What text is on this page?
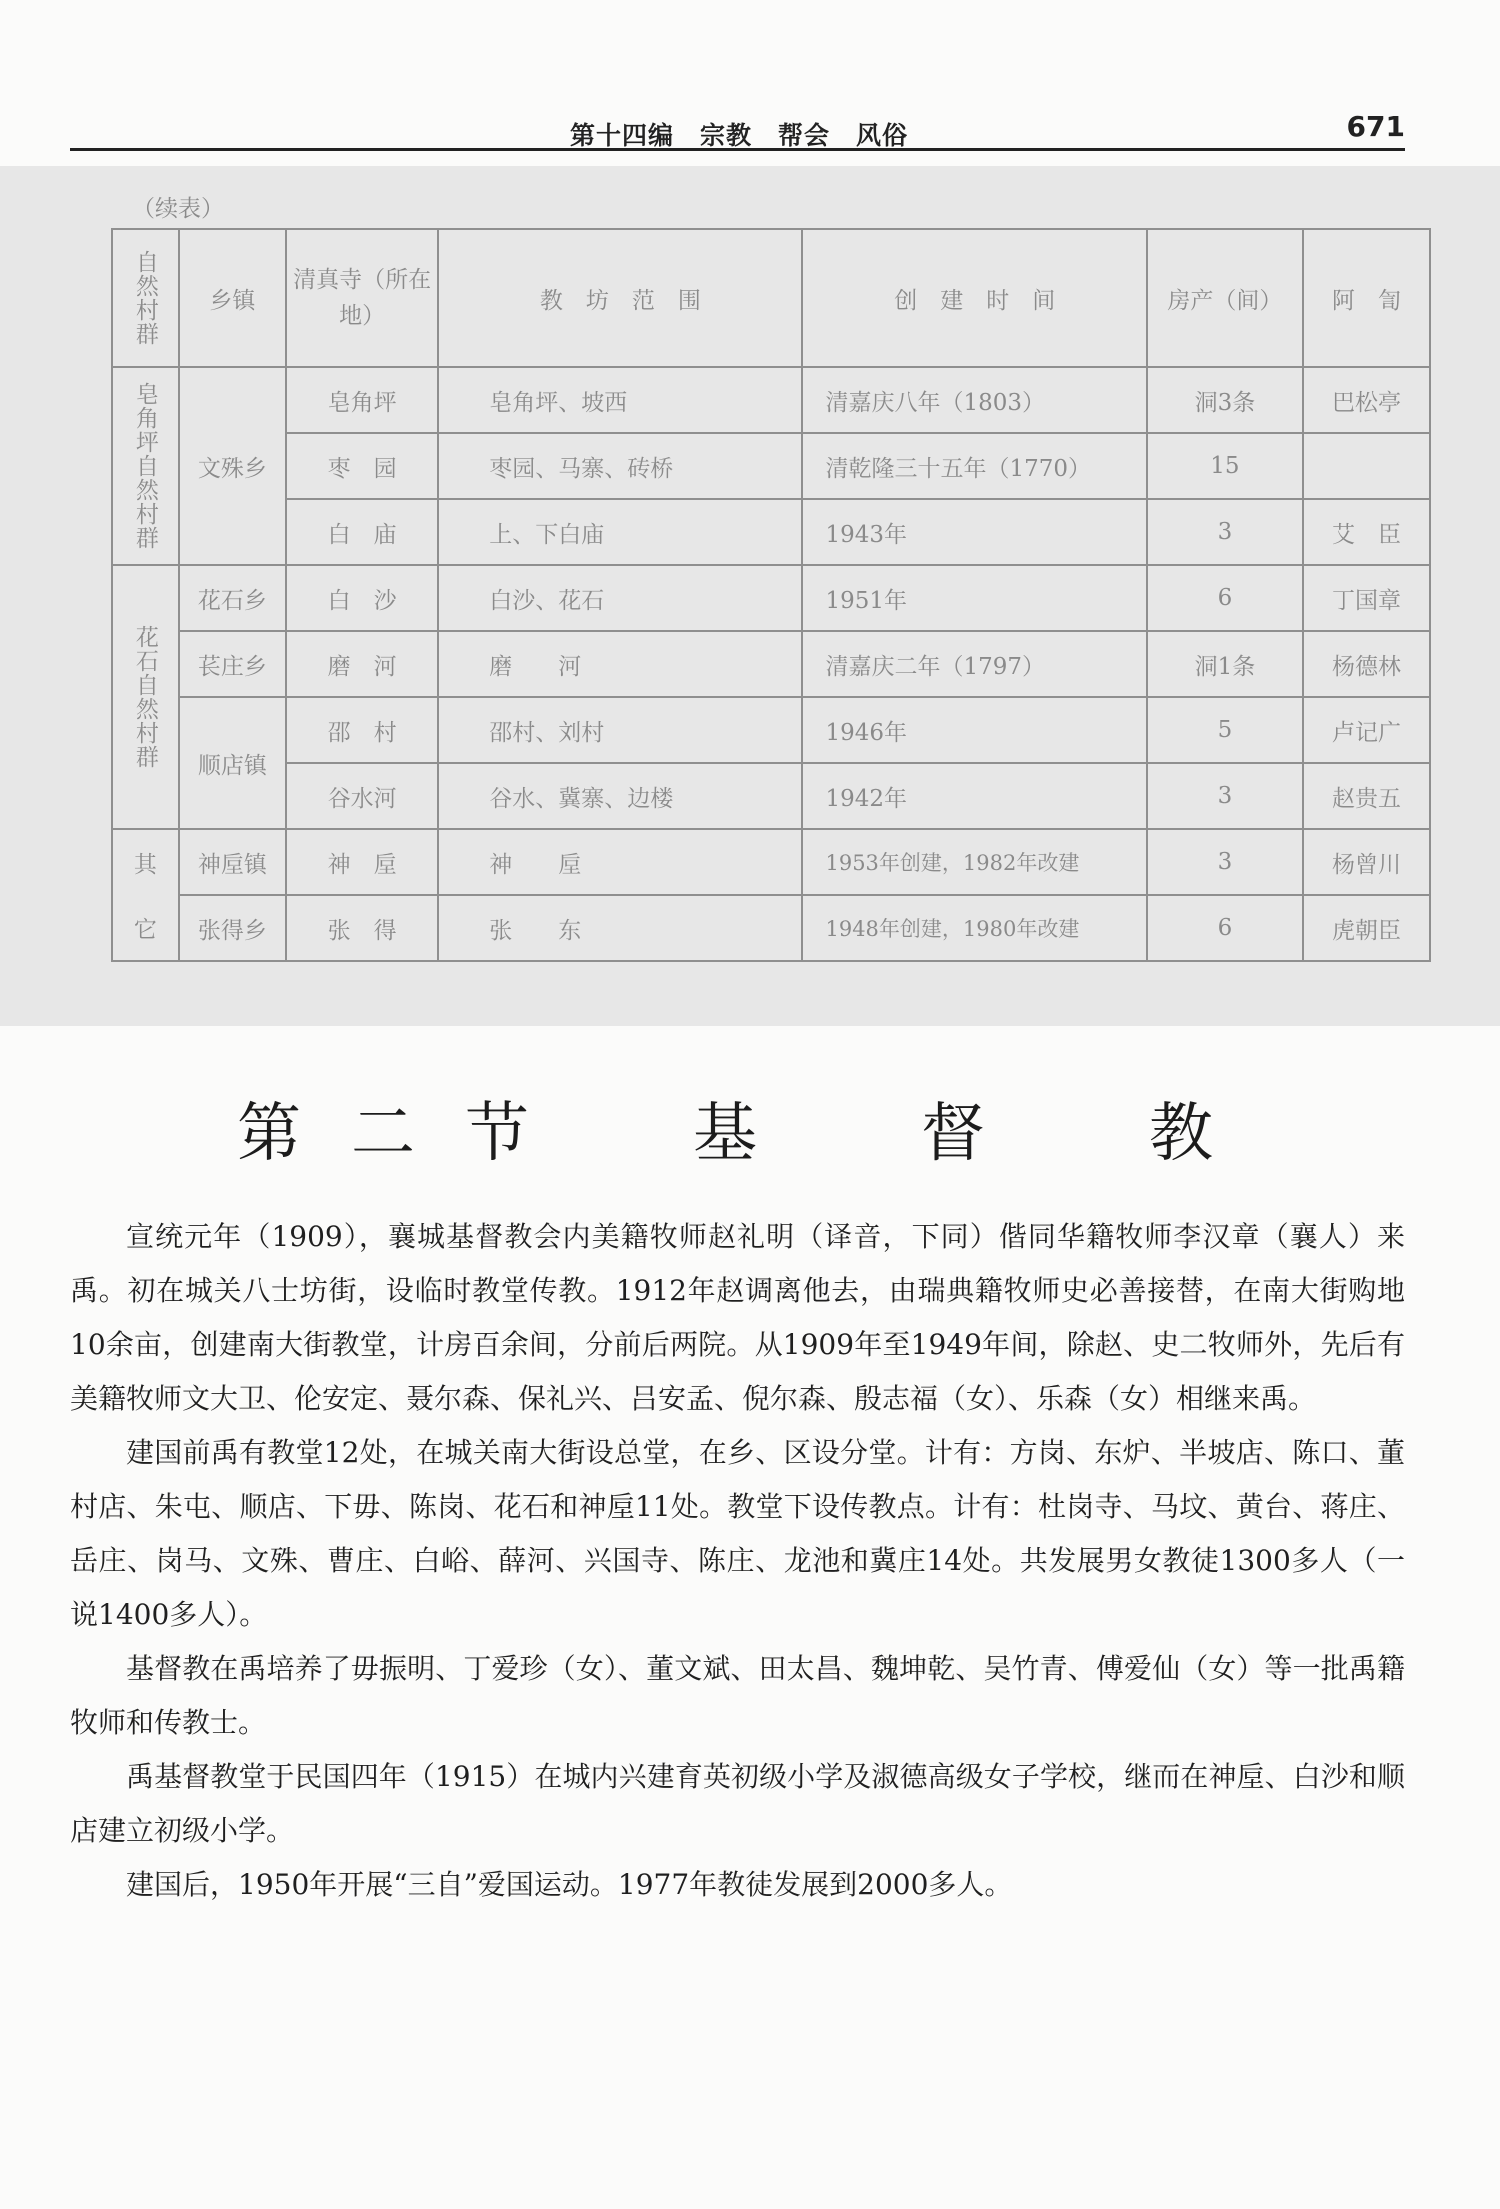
第十四编　宗教　帮会　风俗	671
（续表）
自然村群	乡镇	清真寺（所在地）	教　坊　范　围	创　建　时　间	房产（间）	阿　訇

皂角坪自然村群	文殊乡	皂角坪	皂角坪、坡西	清嘉庆八年（1803）	洞3条	巴松亭
		枣　园	枣园、马寨、砖桥	清乾隆三十五年（1770）	15	
		白　庙	上、下白庙	1943年	3	艾　臣

花石自然村群	花石乡	白　沙	白沙、花石	1951年	6	丁国章
	苌庄乡	磨　河	磨　　河	清嘉庆二年（1797）	洞1条	杨德林
	顺店镇	邵　村	邵村、刘村	1946年	5	卢记广
		谷水河	谷水、冀寨、边楼	1942年	3	赵贵五
其	神垕镇	神　垕	神　　垕	1953年创建，1982年改建	3	杨曾川
它	张得乡	张　得	张　　东	1948年创建，1980年改建	6	虎朝臣
第二节　基　督　教

宣统元年（1909），襄城基督教会内美籍牧师赵礼明（译音，下同）偕同华籍牧师李汉章（襄人）来禹。初在城关八士坊街，设临时教堂传教。1912年赵调离他去，由瑞典籍牧师史必善接替，在南大街购地10余亩，创建南大街教堂，计房百余间，分前后两院。从1909年至1949年间，除赵、史二牧师外，先后有美籍牧师文大卫、伦安定、聂尔森、保礼兴、吕安孟、倪尔森、殷志福（女）、乐森（女）相继来禹。

建国前禹有教堂12处，在城关南大街设总堂，在乡、区设分堂。计有：方岗、东炉、半坡店、陈口、董村店、朱屯、顺店、下毋、陈岗、花石和神垕11处。教堂下设传教点。计有：杜岗寺、马坟、黄台、蒋庄、岳庄、岗马、文殊、曹庄、白峪、薛河、兴国寺、陈庄、龙池和冀庄14处。共发展男女教徒1300多人（一说1400多人）。

基督教在禹培养了毋振明、丁爱珍（女）、董文斌、田太昌、魏坤乾、吴竹青、傅爱仙（女）等一批禹籍牧师和传教士。

禹基督教堂于民国四年（1915）在城内兴建育英初级小学及淑德高级女子学校，继而在神垕、白沙和顺店建立初级小学。

建国后，1950年开展“三自”爱国运动。1977年教徒发展到2000多人。
